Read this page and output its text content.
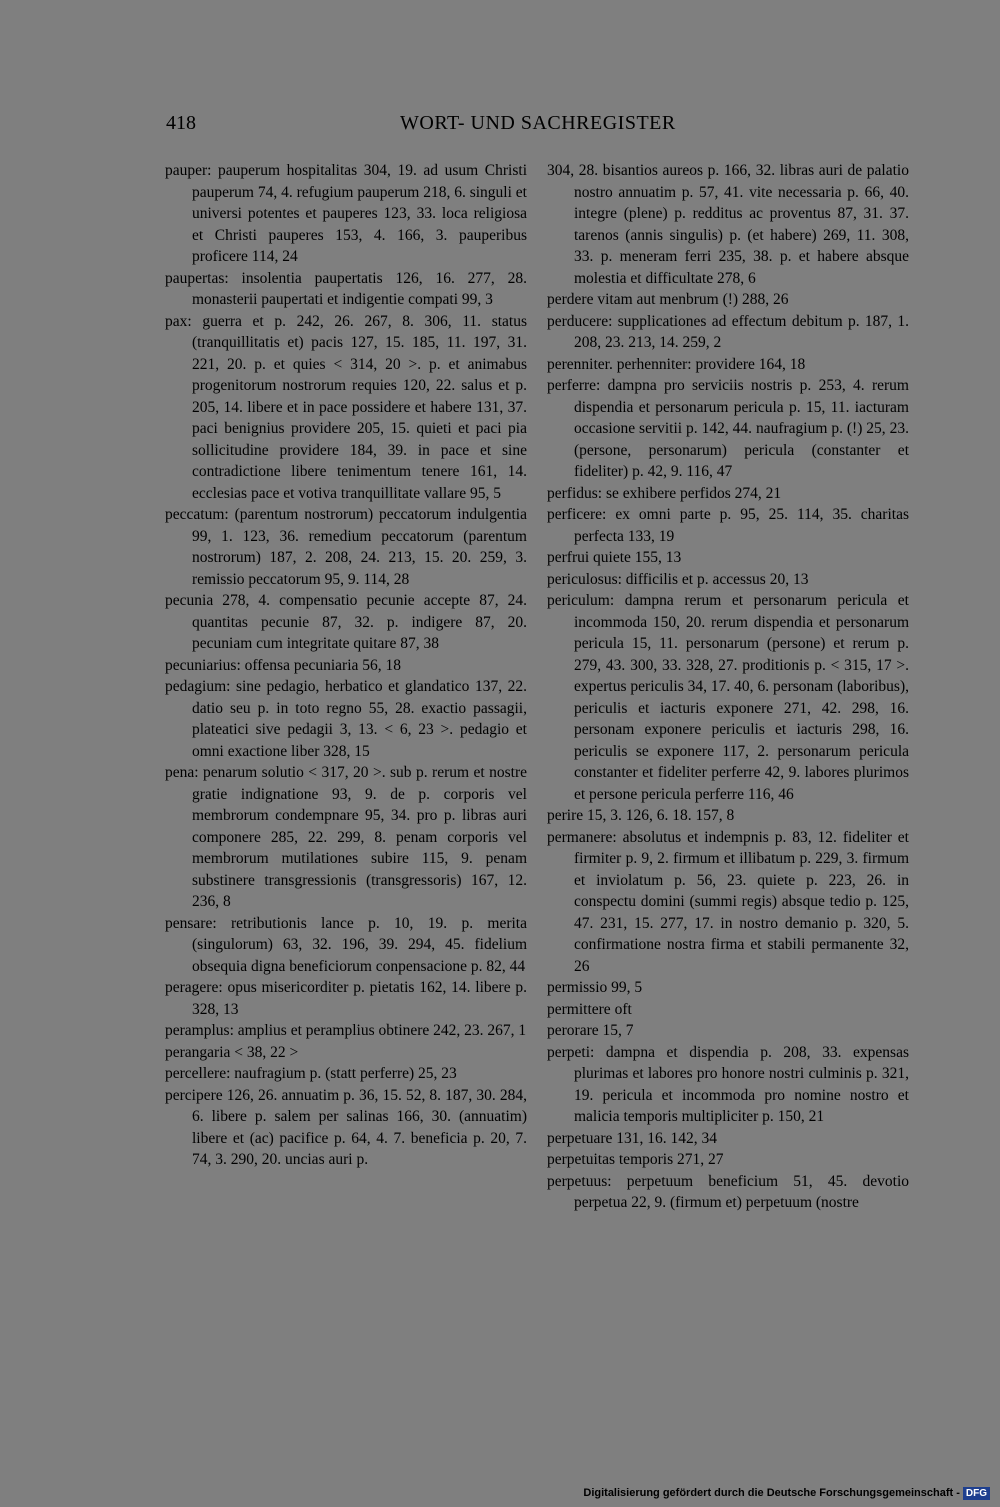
418	WORT- UND SACHREGISTER

pauper: pauperum hospitalitas 304, 19. ad usum Christi pauperum 74, 4. refugium pauperum 218, 6. singuli et universi potentes et pauperes 123, 33. loca religiosa et Christi pauperes 153, 4. 166, 3. pauperibus proficere 114, 24

paupertas: insolentia paupertatis 126, 16. 277, 28. monasterii paupertati et indigentie compati 99, 3

pax: guerra et p. 242, 26. 267, 8. 306, 11. status (tranquillitatis et) pacis 127, 15. 185, 11. 197, 31. 221, 20. p. et quies < 314, 20 >. p. et animabus progenitorum nostrorum requies 120, 22. salus et p. 205, 14. libere et in pace possidere et habere 131, 37. paci benignius providere 205, 15. quieti et paci pia sollicitudine providere 184, 39. in pace et sine contradictione libere tenimentum tenere 161, 14. ecclesias pace et votiva tranquillitate vallare 95, 5

peccatum: (parentum nostrorum) peccatorum indulgentia 99, 1. 123, 36. remedium peccatorum (parentum nostrorum) 187, 2. 208, 24. 213, 15. 20. 259, 3. remissio peccatorum 95, 9. 114, 28

pecunia 278, 4. compensatio pecunie accepte 87, 24. quantitas pecunie 87, 32. p. indigere 87, 20. pecuniam cum integritate quitare 87, 38

pecuniarius: offensa pecuniaria 56, 18

pedagium: sine pedagio, herbatico et glandatico 137, 22. datio seu p. in toto regno 55, 28. exactio passagii, plateatici sive pedagii 3, 13. < 6, 23 >. pedagio et omni exactione liber 328, 15

pena: penarum solutio < 317, 20 >. sub p. rerum et nostre gratie indignatione 93, 9. de p. corporis vel membrorum condempnare 95, 34. pro p. libras auri componere 285, 22. 299, 8. penam corporis vel membrorum mutilationes subire 115, 9. penam substinere transgressionis (transgressoris) 167, 12. 236, 8

pensare: retributionis lance p. 10, 19. p. merita (singulorum) 63, 32. 196, 39. 294, 45. fidelium obsequia digna beneficiorum conpensacione p. 82, 44

peragere: opus misericorditer p. pietatis 162, 14. libere p. 328, 13

peramplus: amplius et peramplius obtinere 242, 23. 267, 1

perangaria < 38, 22 >

percellere: naufragium p. (statt perferre) 25, 23

percipere 126, 26. annuatim p. 36, 15. 52, 8. 187, 30. 284, 6. libere p. salem per salinas 166, 30. (annuatim) libere et (ac) pacifice p. 64, 4. 7. beneficia p. 20, 7. 74, 3. 290, 20. uncias auri p.

304, 28. bisantios aureos p. 166, 32. libras auri de palatio nostro annuatim p. 57, 41. vite necessaria p. 66, 40. integre (plene) p. redditus ac proventus 87, 31. 37. tarenos (annis singulis) p. (et habere) 269, 11. 308, 33. p. meneram ferri 235, 38. p. et habere absque molestia et difficultate 278, 6

perdere vitam aut menbrum (!) 288, 26

perducere: supplicationes ad effectum debitum p. 187, 1. 208, 23. 213, 14. 259, 2

perenniter. perhenniter: providere 164, 18

perferre: dampna pro serviciis nostris p. 253, 4. rerum dispendia et personarum pericula p. 15, 11. iacturam occasione servitii p. 142, 44. naufragium p. (!) 25, 23. (persone, personarum) pericula (constanter et fideliter) p. 42, 9. 116, 47

perfidus: se exhibere perfidos 274, 21

perficere: ex omni parte p. 95, 25. 114, 35. charitas perfecta 133, 19

perfrui quiete 155, 13

periculosus: difficilis et p. accessus 20, 13

periculum: dampna rerum et personarum pericula et incommoda 150, 20. rerum dispendia et personarum pericula 15, 11. personarum (persone) et rerum p. 279, 43. 300, 33. 328, 27. proditionis p. < 315, 17 >. expertus periculis 34, 17. 40, 6. personam (laboribus), periculis et iacturis exponere 271, 42. 298, 16. personam exponere periculis et iacturis 298, 16. periculis se exponere 117, 2. personarum pericula constanter et fideliter perferre 42, 9. labores plurimos et persone pericula perferre 116, 46

perire 15, 3. 126, 6. 18. 157, 8

permanere: absolutus et indempnis p. 83, 12. fideliter et firmiter p. 9, 2. firmum et illibatum p. 229, 3. firmum et inviolatum p. 56, 23. quiete p. 223, 26. in conspectu domini (summi regis) absque tedio p. 125, 47. 231, 15. 277, 17. in nostro demanio p. 320, 5. confirmatione nostra firma et stabili permanente 32, 26

permissio 99, 5

permittere oft

perorare 15, 7

perpeti: dampna et dispendia p. 208, 33. expensas plurimas et labores pro honore nostri culminis p. 321, 19. pericula et incommoda pro nomine nostro et malicia temporis multipliciter p. 150, 21

perpetuare 131, 16. 142, 34

perpetuitas temporis 271, 27

perpetuus: perpetuum beneficium 51, 45. devotio perpetua 22, 9. (firmum et) perpetuum (nostre

Digitalisierung gefördert durch die Deutsche Forschungsgemeinschaft - DFG
